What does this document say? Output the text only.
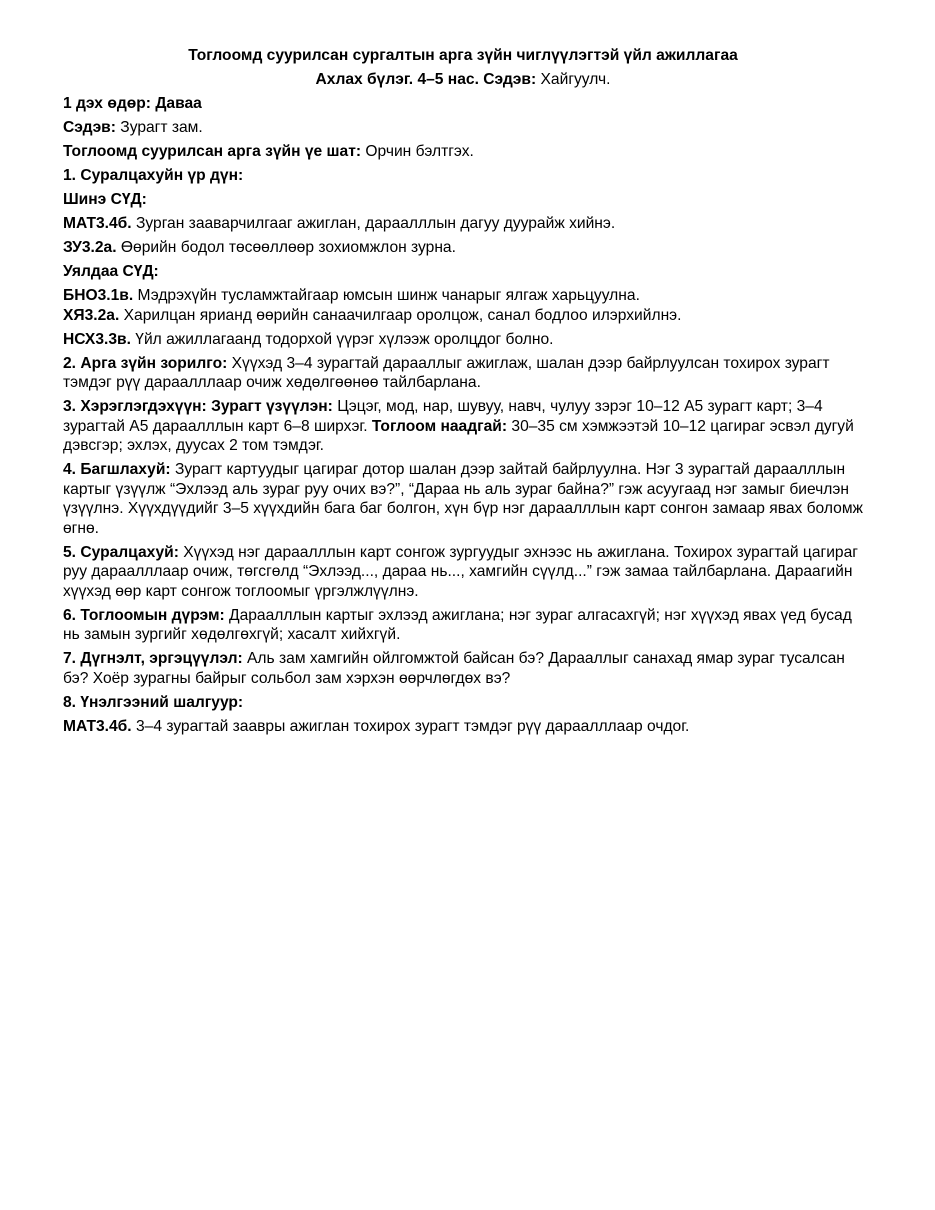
Тоглоомд суурилсан сургалтын арга зүйн чиглүүлэгтэй үйл ажиллагаа

Ахлах бүлэг. 4–5 нас. Сэдэв: Хайгуулч.

1 дэх өдөр: Даваа

Сэдэв: Зурагт зам.

Тоглоомд суурилсан арга зүйн үе шат: Орчин бэлтгэх.

1. Суралцахуйн үр дүн:

Шинэ СҮД:

МАТ3.4б. Зурган зааварчилгааг ажиглан, дараалллын дагуу дуурайж хийнэ.

ЗУ3.2а. Өөрийн бодол төсөөллөөр зохиомжлон зурна.

Уялдаа СҮД:

БНО3.1в. Мэдрэхүйн тусламжтайгаар юмсын шинж чанарыг ялгаж харьцуулна.

ХЯ3.2а. Харилцан яриaнд өөрийн санаачилгаар оролцож, санал бодлоо илэрхийлнэ.

НСХ3.3в. Үйл ажиллагаанд тодорхой үүрэг хүлээж оролцдог болно.

2. Арга зүйн зорилго: Хүүхэд 3–4 зурагтай дарааллыг ажиглаж, шалан дээр байрлуулсан тохирох зурагт тэмдэг рүү дараалллаар очиж хөдөлгөөнөө тайлбарлана.

3. Хэрэглэгдэхүүн: Зурагт үзүүлэн: Цэцэг, мод, нар, шувуу, навч, чулуу зэрэг 10–12 А5 зурагт карт; 3–4 зурагтай А5 дараалллын карт 6–8 ширхэг. Тоглоом наадгай: 30–35 см хэмжээтэй 10–12 цагираг эсвэл дугуй дэвсгэр; эхлэх, дуусах 2 том тэмдэг.

4. Багшлахуй: Зурагт картуудыг цагираг дотор шалан дээр зайтай байрлуулна. Нэг 3 зурагтай дараалллын картыг үзүүлж “Эхлээд аль зураг руу очих вэ?”, “Дараа нь аль зураг байна?” гэж асуугаад нэг замыг биечлэн үзүүлнэ. Хүүхдүүдийг 3–5 хүүхдийн бага баг болгон, хүн бүр нэг дараалллын карт сонгон замаар явах боломж өгнө.

5. Суралцахуй: Хүүхэд нэг дараалллын карт сонгож зургуудыг эхнээс нь ажиглана. Тохирох зурагтай цагираг руу дараалллаар очиж, төгсгөлд “Эхлээд..., дараа нь..., хамгийн сүүлд...” гэж замаа тайлбарлана. Дараагийн хүүхэд өөр карт сонгож тоглоомыг үргэлжлүүлнэ.

6. Тоглоомын дүрэм: Дараалллын картыг эхлээд ажиглана; нэг зураг алгасахгүй; нэг хүүхэд явах үед бусад нь замын зургийг хөдөлгөхгүй; хасалт хийхгүй.

7. Дүгнэлт, эргэцүүлэл: Аль зам хамгийн ойлгомжтой байсан бэ? Дарааллыг санахад ямар зураг тусалсан бэ? Хоёр зурагны байрыг сольбол зам хэрхэн өөрчлөгдөх вэ?

8. Үнэлгээний шалгуур:

МАТ3.4б. 3–4 зурагтай заавры ажиглан тохирох зурагт тэмдэг рүү дараалллаар очдог.
